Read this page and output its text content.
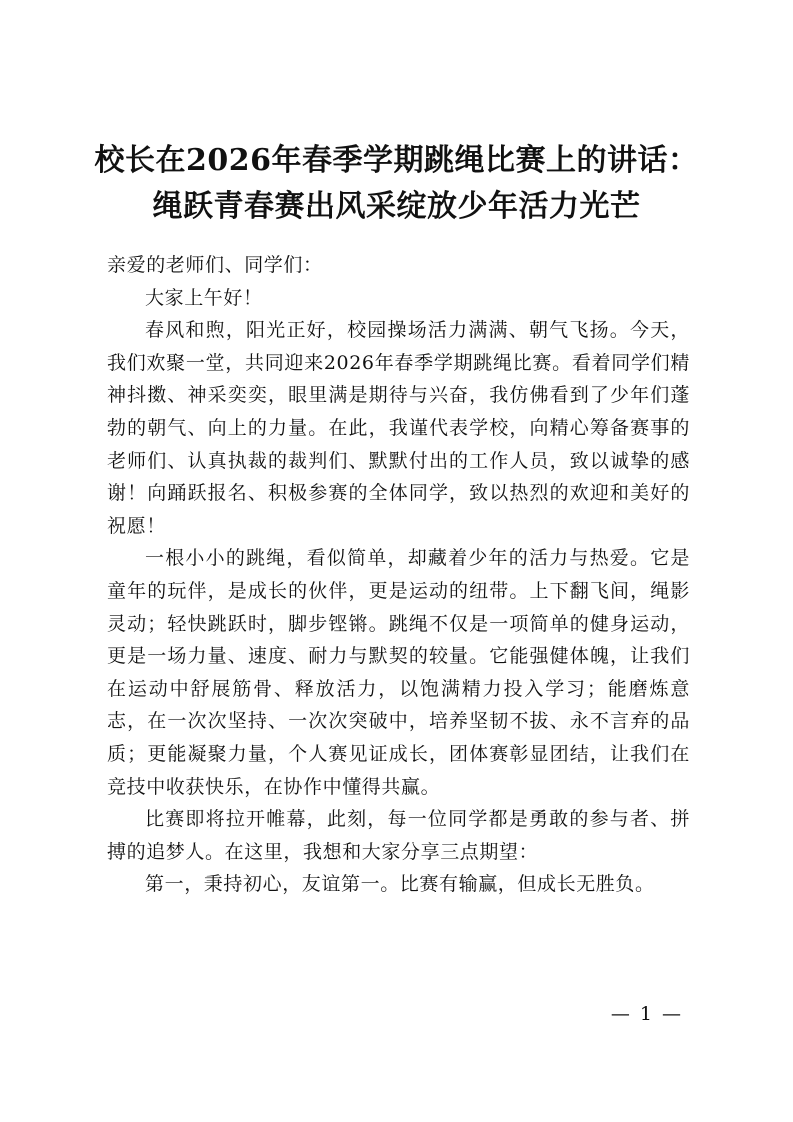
校长在2026年春季学期跳绳比赛上的讲话：
绳跃青春赛出风采绽放少年活力光芒

亲爱的老师们、同学们：

大家上午好！

春风和煦，阳光正好，校园操场活力满满、朝气飞扬。今天，我们欢聚一堂，共同迎来2026年春季学期跳绳比赛。看着同学们精神抖擞、神采奕奕，眼里满是期待与兴奋，我仿佛看到了少年们蓬勃的朝气、向上的力量。在此，我谨代表学校，向精心筹备赛事的老师们、认真执裁的裁判们、默默付出的工作人员，致以诚挚的感谢！向踊跃报名、积极参赛的全体同学，致以热烈的欢迎和美好的祝愿！

一根小小的跳绳，看似简单，却藏着少年的活力与热爱。它是童年的玩伴，是成长的伙伴，更是运动的纽带。上下翻飞间，绳影灵动；轻快跳跃时，脚步铿锵。跳绳不仅是一项简单的健身运动，更是一场力量、速度、耐力与默契的较量。它能强健体魄，让我们在运动中舒展筋骨、释放活力，以饱满精力投入学习；能磨炼意志，在一次次坚持、一次次突破中，培养坚韧不拔、永不言弃的品质；更能凝聚力量，个人赛见证成长，团体赛彰显团结，让我们在竞技中收获快乐，在协作中懂得共赢。

比赛即将拉开帷幕，此刻，每一位同学都是勇敢的参与者、拼搏的追梦人。在这里，我想和大家分享三点期望：

第一，秉持初心，友谊第一。比赛有输赢，但成长无胜负。

— 1 —
